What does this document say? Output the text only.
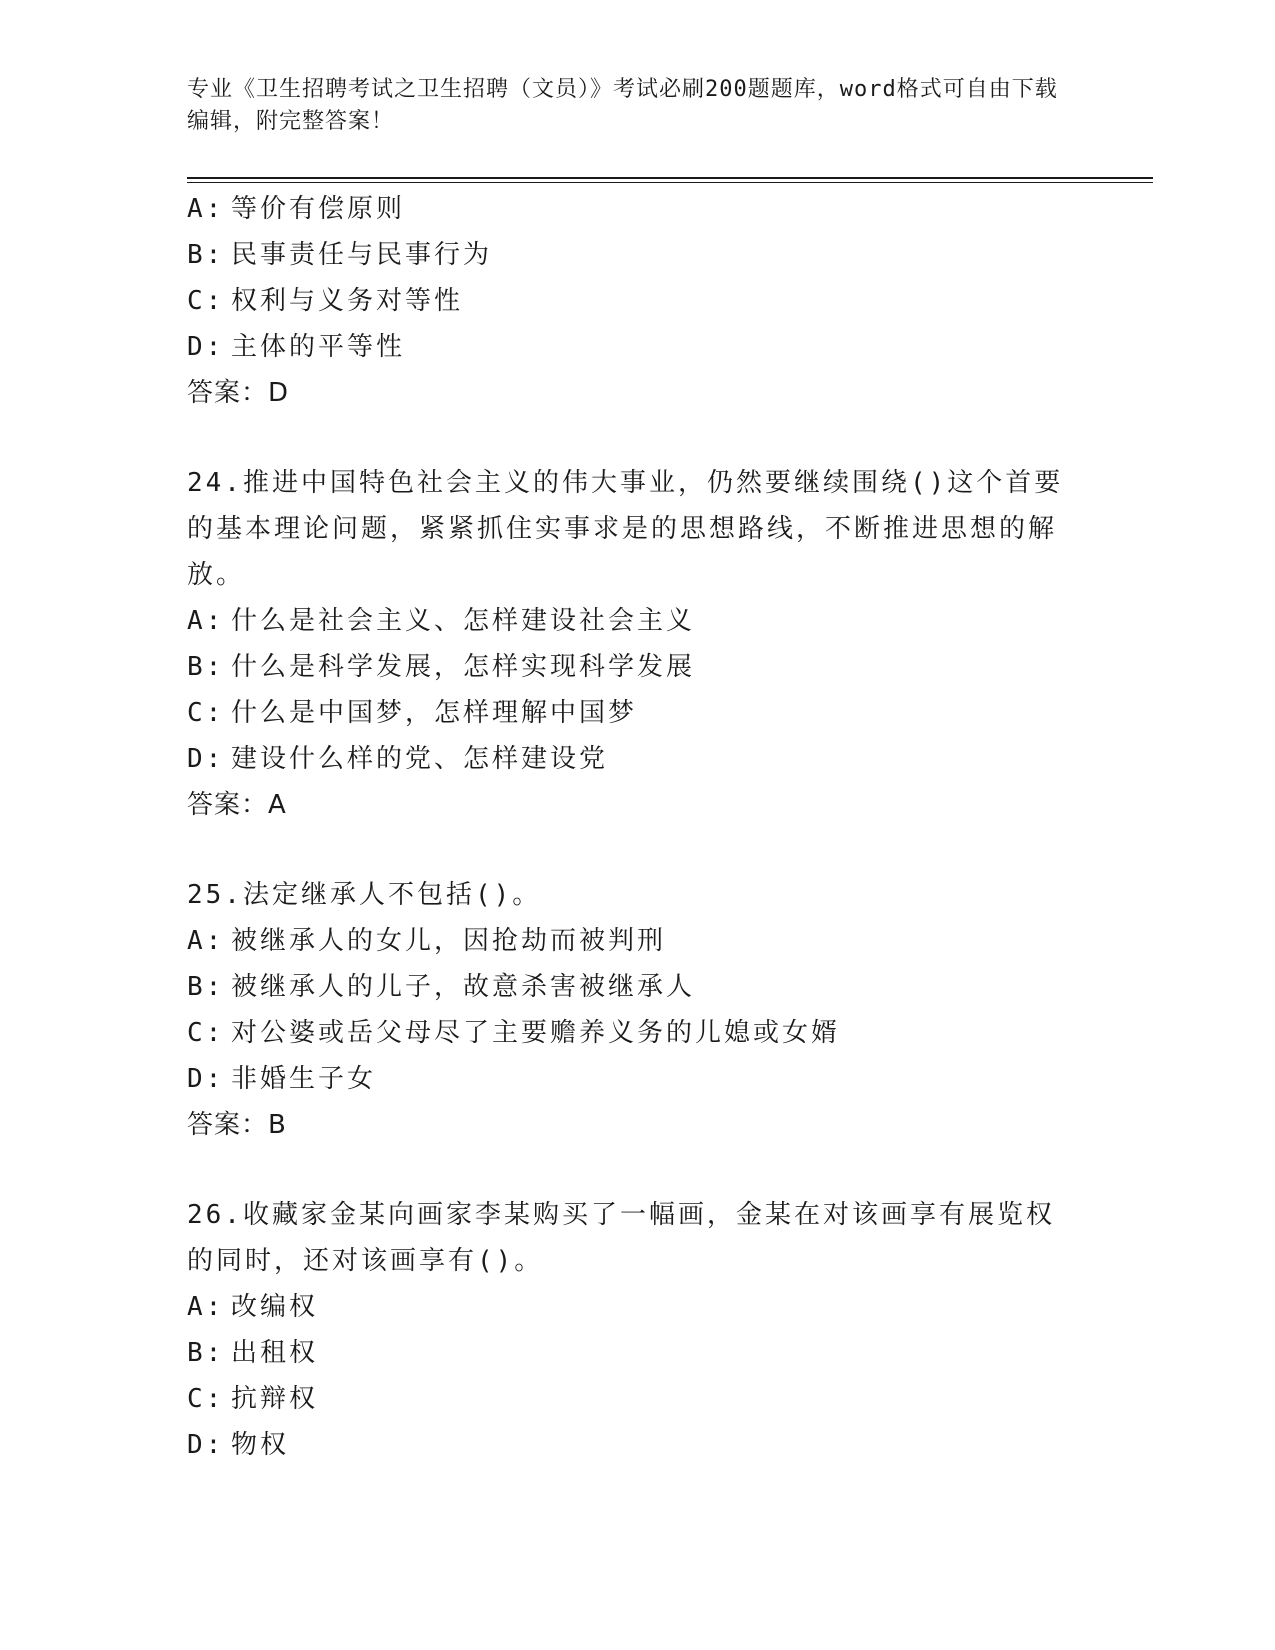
专业《卫生招聘考试之卫生招聘（文员）》考试必刷200题题库，word格式可自由下载编辑，附完整答案！
A: 等价有偿原则
B: 民事责任与民事行为
C: 权利与义务对等性
D: 主体的平等性
答案：D
24.推进中国特色社会主义的伟大事业，仍然要继续围绕()这个首要的基本理论问题，紧紧抓住实事求是的思想路线，不断推进思想的解放。
A: 什么是社会主义、怎样建设社会主义
B: 什么是科学发展，怎样实现科学发展
C: 什么是中国梦，怎样理解中国梦
D: 建设什么样的党、怎样建设党
答案：A
25.法定继承人不包括()。
A: 被继承人的女儿，因抢劫而被判刑
B: 被继承人的儿子，故意杀害被继承人
C: 对公婆或岳父母尽了主要赡养义务的儿媳或女婿
D: 非婚生子女
答案：B
26.收藏家金某向画家李某购买了一幅画，金某在对该画享有展览权的同时，还对该画享有()。
A: 改编权
B: 出租权
C: 抗辩权
D: 物权
